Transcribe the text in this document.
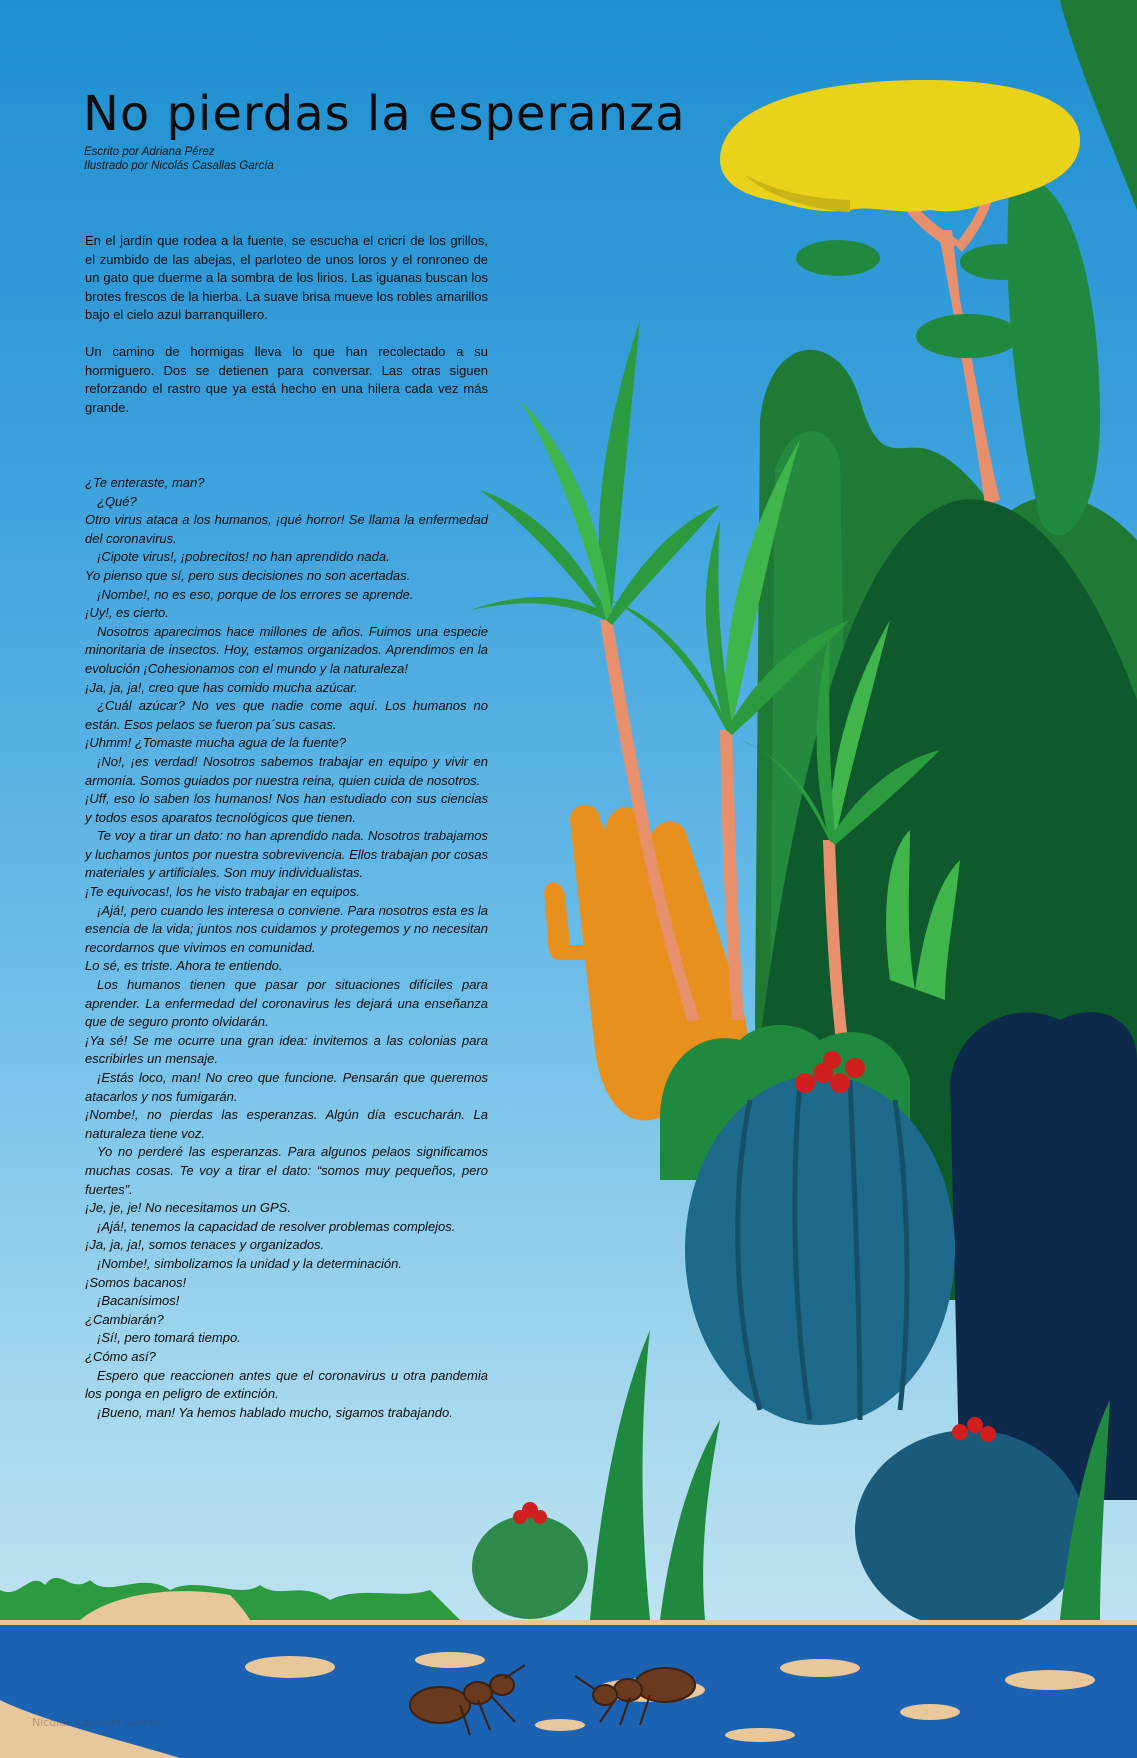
No pierdas la esperanza
Escrito por Adriana Pérez
Ilustrado por Nicolás Casallas García

En el jardín que rodea a la fuente, se escucha el cricrí de los grillos, el zumbido de las abejas, el parloteo de unos loros y el ronroneo de un gato que duerme a la sombra de los lirios. Las iguanas buscan los brotes frescos de la hierba. La suave brisa mueve los robles amarillos bajo el cielo azul barranquillero.

Un camino de hormigas lleva lo que han recolectado a su hormiguero. Dos se detienen para conversar. Las otras siguen reforzando el rastro que ya está hecho en una hilera cada vez más grande.

¿Te enteraste, man?
¿Qué?
Otro virus ataca a los humanos, ¡qué horror! Se llama la enfermedad del coronavirus.
¡Cipote virus!, ¡pobrecitos! no han aprendido nada.
Yo pienso que sí, pero sus decisiones no son acertadas.
¡Nombe!, no es eso, porque de los errores se aprende.
¡Uy!, es cierto.
Nosotros aparecimos hace millones de años. Fuimos una especie minoritaria de insectos. Hoy, estamos organizados. Aprendimos en la evolución ¡Cohesionamos con el mundo y la naturaleza!
¡Ja, ja, ja!, creo que has comido mucha azúcar.
¿Cuál azúcar? No ves que nadie come aquí. Los humanos no están. Esos pelaos se fueron pa´sus casas.
¡Uhmm! ¿Tomaste mucha agua de la fuente?
¡No!, ¡es verdad! Nosotros sabemos trabajar en equipo y vivir en armonía. Somos guiados por nuestra reina, quien cuida de nosotros.
¡Uff, eso lo saben los humanos! Nos han estudiado con sus ciencias y todos esos aparatos tecnológicos que tienen.
Te voy a tirar un dato: no han aprendido nada. Nosotros trabajamos y luchamos juntos por nuestra sobrevivencia. Ellos trabajan por cosas materiales y artificiales. Son muy individualistas.
¡Te equivocas!, los he visto trabajar en equipos.
¡Ajá!, pero cuando les interesa o conviene. Para nosotros esta es la esencia de la vida; juntos nos cuidamos y protegemos y no necesitan recordarnos que vivimos en comunidad.
Lo sé, es triste. Ahora te entiendo.
Los humanos tienen que pasar por situaciones difíciles para aprender. La enfermedad del coronavirus les dejará una enseñanza que de seguro pronto olvidarán.
¡Ya sé! Se me ocurre una gran idea: invitemos a las colonias para escribirles un mensaje.
¡Estás loco, man! No creo que funcione. Pensarán que queremos atacarlos y nos fumigarán.
¡Nombe!, no pierdas las esperanzas. Algún día escucharán. La naturaleza tiene voz.
Yo no perderé las esperanzas. Para algunos pelaos significamos muchas cosas. Te voy a tirar el dato: “somos muy pequeños, pero fuertes”.
¡Je, je, je! No necesitamos un GPS.
¡Ajá!, tenemos la capacidad de resolver problemas complejos.
¡Ja, ja, ja!, somos tenaces y organizados.
¡Nombe!, simbolizamos la unidad y la determinación.
¡Somos bacanos!
¡Bacanísimos!
¿Cambiarán?
¡Sí!, pero tomará tiempo.
¿Cómo así?
Espero que reaccionen antes que el coronavirus u otra pandemia los ponga en peligro de extinción.
¡Bueno, man! Ya hemos hablado mucho, sigamos trabajando.
Nicolás Casallas García
